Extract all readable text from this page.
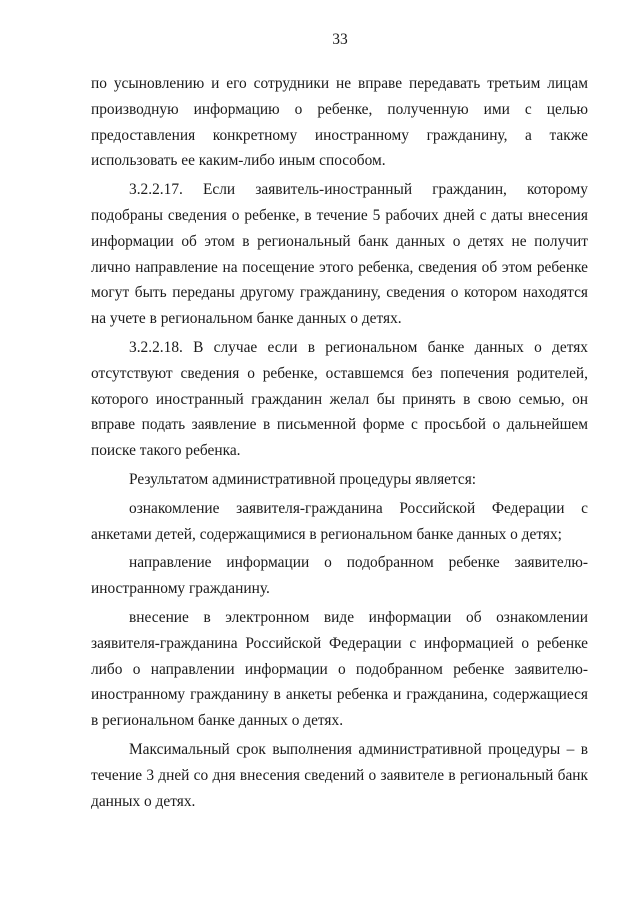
33

по усыновлению и его сотрудники не вправе передавать третьим лицам производную информацию о ребенке, полученную ими с целью предоставления конкретному иностранному гражданину, а также использовать ее каким-либо иным способом.

3.2.2.17. Если заявитель-иностранный гражданин, которому подобраны сведения о ребенке, в течение 5 рабочих дней с даты внесения информации об этом в региональный банк данных о детях не получит лично направление на посещение этого ребенка, сведения об этом ребенке могут быть переданы другому гражданину, сведения о котором находятся на учете в региональном банке данных о детях.

3.2.2.18. В случае если в региональном банке данных о детях отсутствуют сведения о ребенке, оставшемся без попечения родителей, которого иностранный гражданин желал бы принять в свою семью, он вправе подать заявление в письменной форме с просьбой о дальнейшем поиске такого ребенка.

Результатом административной процедуры является:

ознакомление заявителя-гражданина Российской Федерации с анкетами детей, содержащимися в региональном банке данных о детях;

направление информации о подобранном ребенке заявителю-иностранному гражданину.

внесение в электронном виде информации об ознакомлении заявителя-гражданина Российской Федерации с информацией о ребенке либо о направлении информации о подобранном ребенке заявителю-иностранному гражданину в анкеты ребенка и гражданина, содержащиеся в региональном банке данных о детях.

Максимальный срок выполнения административной процедуры – в течение 3 дней со дня внесения сведений о заявителе в региональный банк данных о детях.
